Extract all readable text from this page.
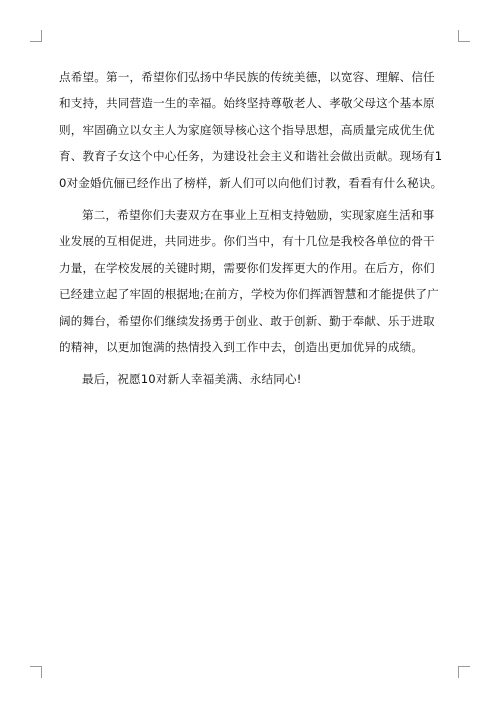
点希望。第一，希望你们弘扬中华民族的传统美德，以宽容、理解、信任和支持，共同营造一生的幸福。始终坚持尊敬老人、孝敬父母这个基本原则，牢固确立以女主人为家庭领导核心这个指导思想，高质量完成优生优育、教育子女这个中心任务，为建设社会主义和谐社会做出贡献。现场有10对金婚伉俪已经作出了榜样，新人们可以向他们讨教，看看有什么秘诀。

第二，希望你们夫妻双方在事业上互相支持勉励，实现家庭生活和事业发展的互相促进，共同进步。你们当中，有十几位是我校各单位的骨干力量，在学校发展的关键时期，需要你们发挥更大的作用。在后方，你们已经建立起了牢固的根据地;在前方，学校为你们挥洒智慧和才能提供了广阔的舞台，希望你们继续发扬勇于创业、敢于创新、勤于奉献、乐于进取的精神，以更加饱满的热情投入到工作中去，创造出更加优异的成绩。

最后，祝愿10对新人幸福美满、永结同心!
